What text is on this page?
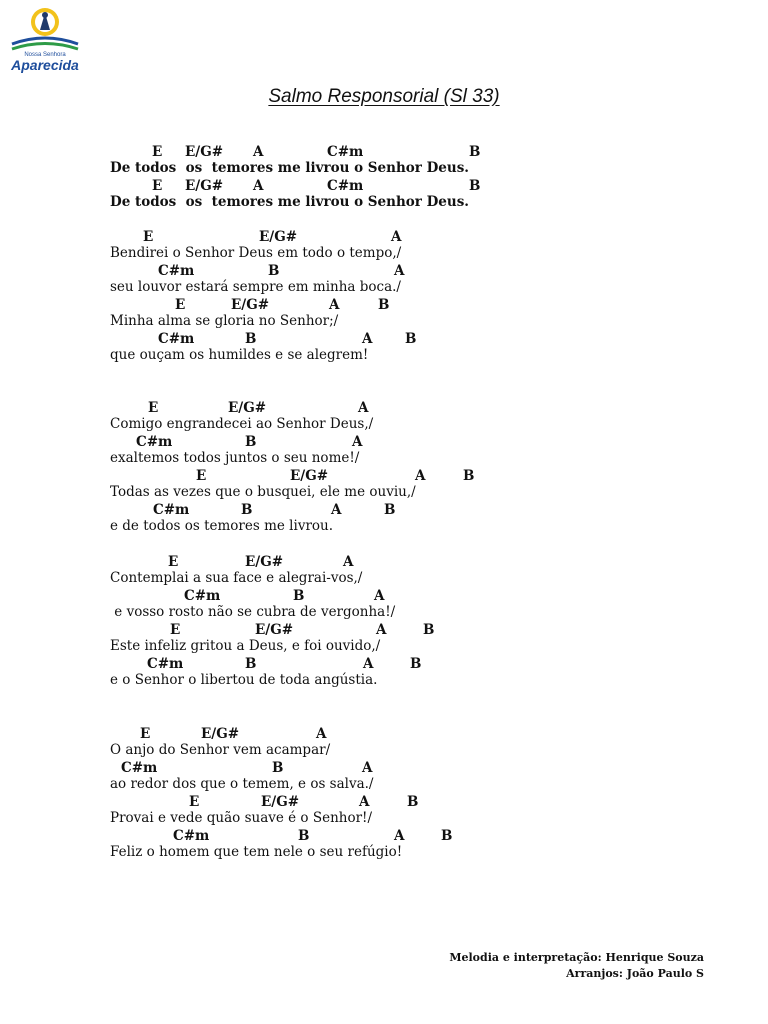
Nossa Senhora
Aparecida
Salmo Responsorial (Sl 33)
E E/G# A	C#m	B
De todos  os  temores me livrou o Senhor Deus.
E E/G# A	C#m	B
De todos  os  temores me livrou o Senhor Deus.
E	E/G#	A
Bendirei o Senhor Deus em todo o tempo,/
C#m	B	A
seu louvor estará sempre em minha boca./
E	E/G#	A	B
Minha alma se gloria no Senhor;/
C#m	B	A B
que ouçam os humildes e se alegrem!
E	E/G#	A
Comigo engrandecei ao Senhor Deus,/
C#m	B	A
exaltemos todos juntos o seu nome!/
E	E/G#	A	B
Todas as vezes que o busquei, ele me ouviu,/
C#m	B	A	B
e de todos os temores me livrou.
E	E/G#	A
Contemplai a sua face e alegrai-vos,/
C#m	B	A
e vosso rosto não se cubra de vergonha!/
E	E/G#	A	B
Este infeliz gritou a Deus, e foi ouvido,/
C#m	B	A	B
e o Senhor o libertou de toda angústia.
E	E/G#	A
O anjo do Senhor vem acampar/
C#m	B	A
ao redor dos que o temem, e os salva./
E	E/G#	A	B
Provai e vede quão suave é o Senhor!/
C#m	B	A	B
Feliz o homem que tem nele o seu refúgio!
Melodia e interpretação: Henrique Souza
Arranjos: João Paulo S
